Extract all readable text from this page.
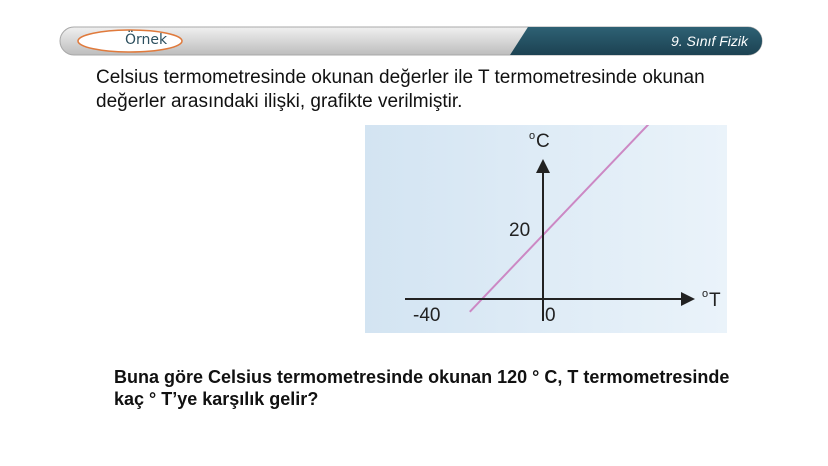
Örnek	9. Sınıf Fizik
Celsius termometresinde okunan değerler ile T termometresinde okunan değerler arasındaki ilişki, grafikte verilmiştir.
o C
o T
20
-40	0
Buna göre Celsius termometresinde okunan 120 ° C, T termometresinde kaç ° T’ye karşılık gelir?
